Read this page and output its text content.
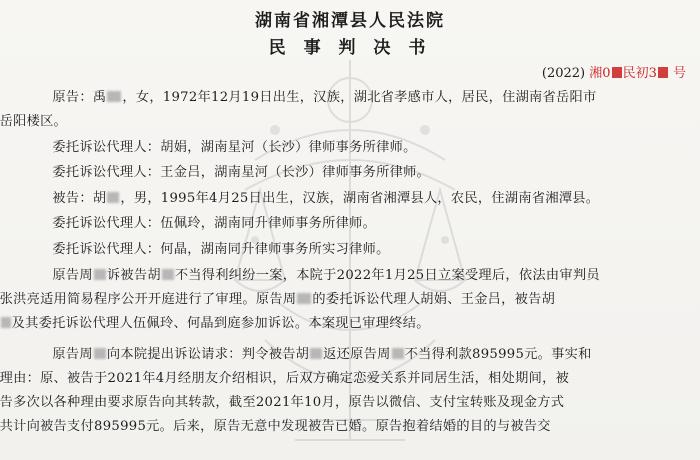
湖南省湘潭县人民法院
民 事 判 决 书
(2022) 湘0 民初3 号
原告：禹 ，女，1972年12月19日出生，汉族，湖北省孝感市人，居民，住湖南省岳阳市
岳阳楼区。
委托诉讼代理人：胡娟，湖南星河（长沙）律师事务所律师。
委托诉讼代理人：王金吕，湖南星河（长沙）律师事务所律师。
被告：胡 ，男，1995年4月25日出生，汉族，湖南省湘潭县人，农民，住湖南省湘潭县。
委托诉讼代理人：伍佩玲，湖南同升律师事务所律师。
委托诉讼代理人：何晶，湖南同升律师事务所实习律师。
原告周 诉被告胡 不当得利纠纷一案，本院于2022年1月25日立案受理后，依法由审判员
张洪亮适用简易程序公开开庭进行了审理。原告周 的委托诉讼代理人胡娟、王金吕，被告胡
及其委托诉讼代理人伍佩玲、何晶到庭参加诉讼。本案现已审理终结。
原告周 向本院提出诉讼请求：判令被告胡 返还原告周 不当得利款895995元。事实和
理由：原、被告于2021年4月经朋友介绍相识，后双方确定恋爱关系并同居生活，相处期间，被
告多次以各种理由要求原告向其转款，截至2021年10月，原告以微信、支付宝转账及现金方式
共计向被告支付895995元。后来，原告无意中发现被告已婚。原告抱着结婚的目的与被告交
